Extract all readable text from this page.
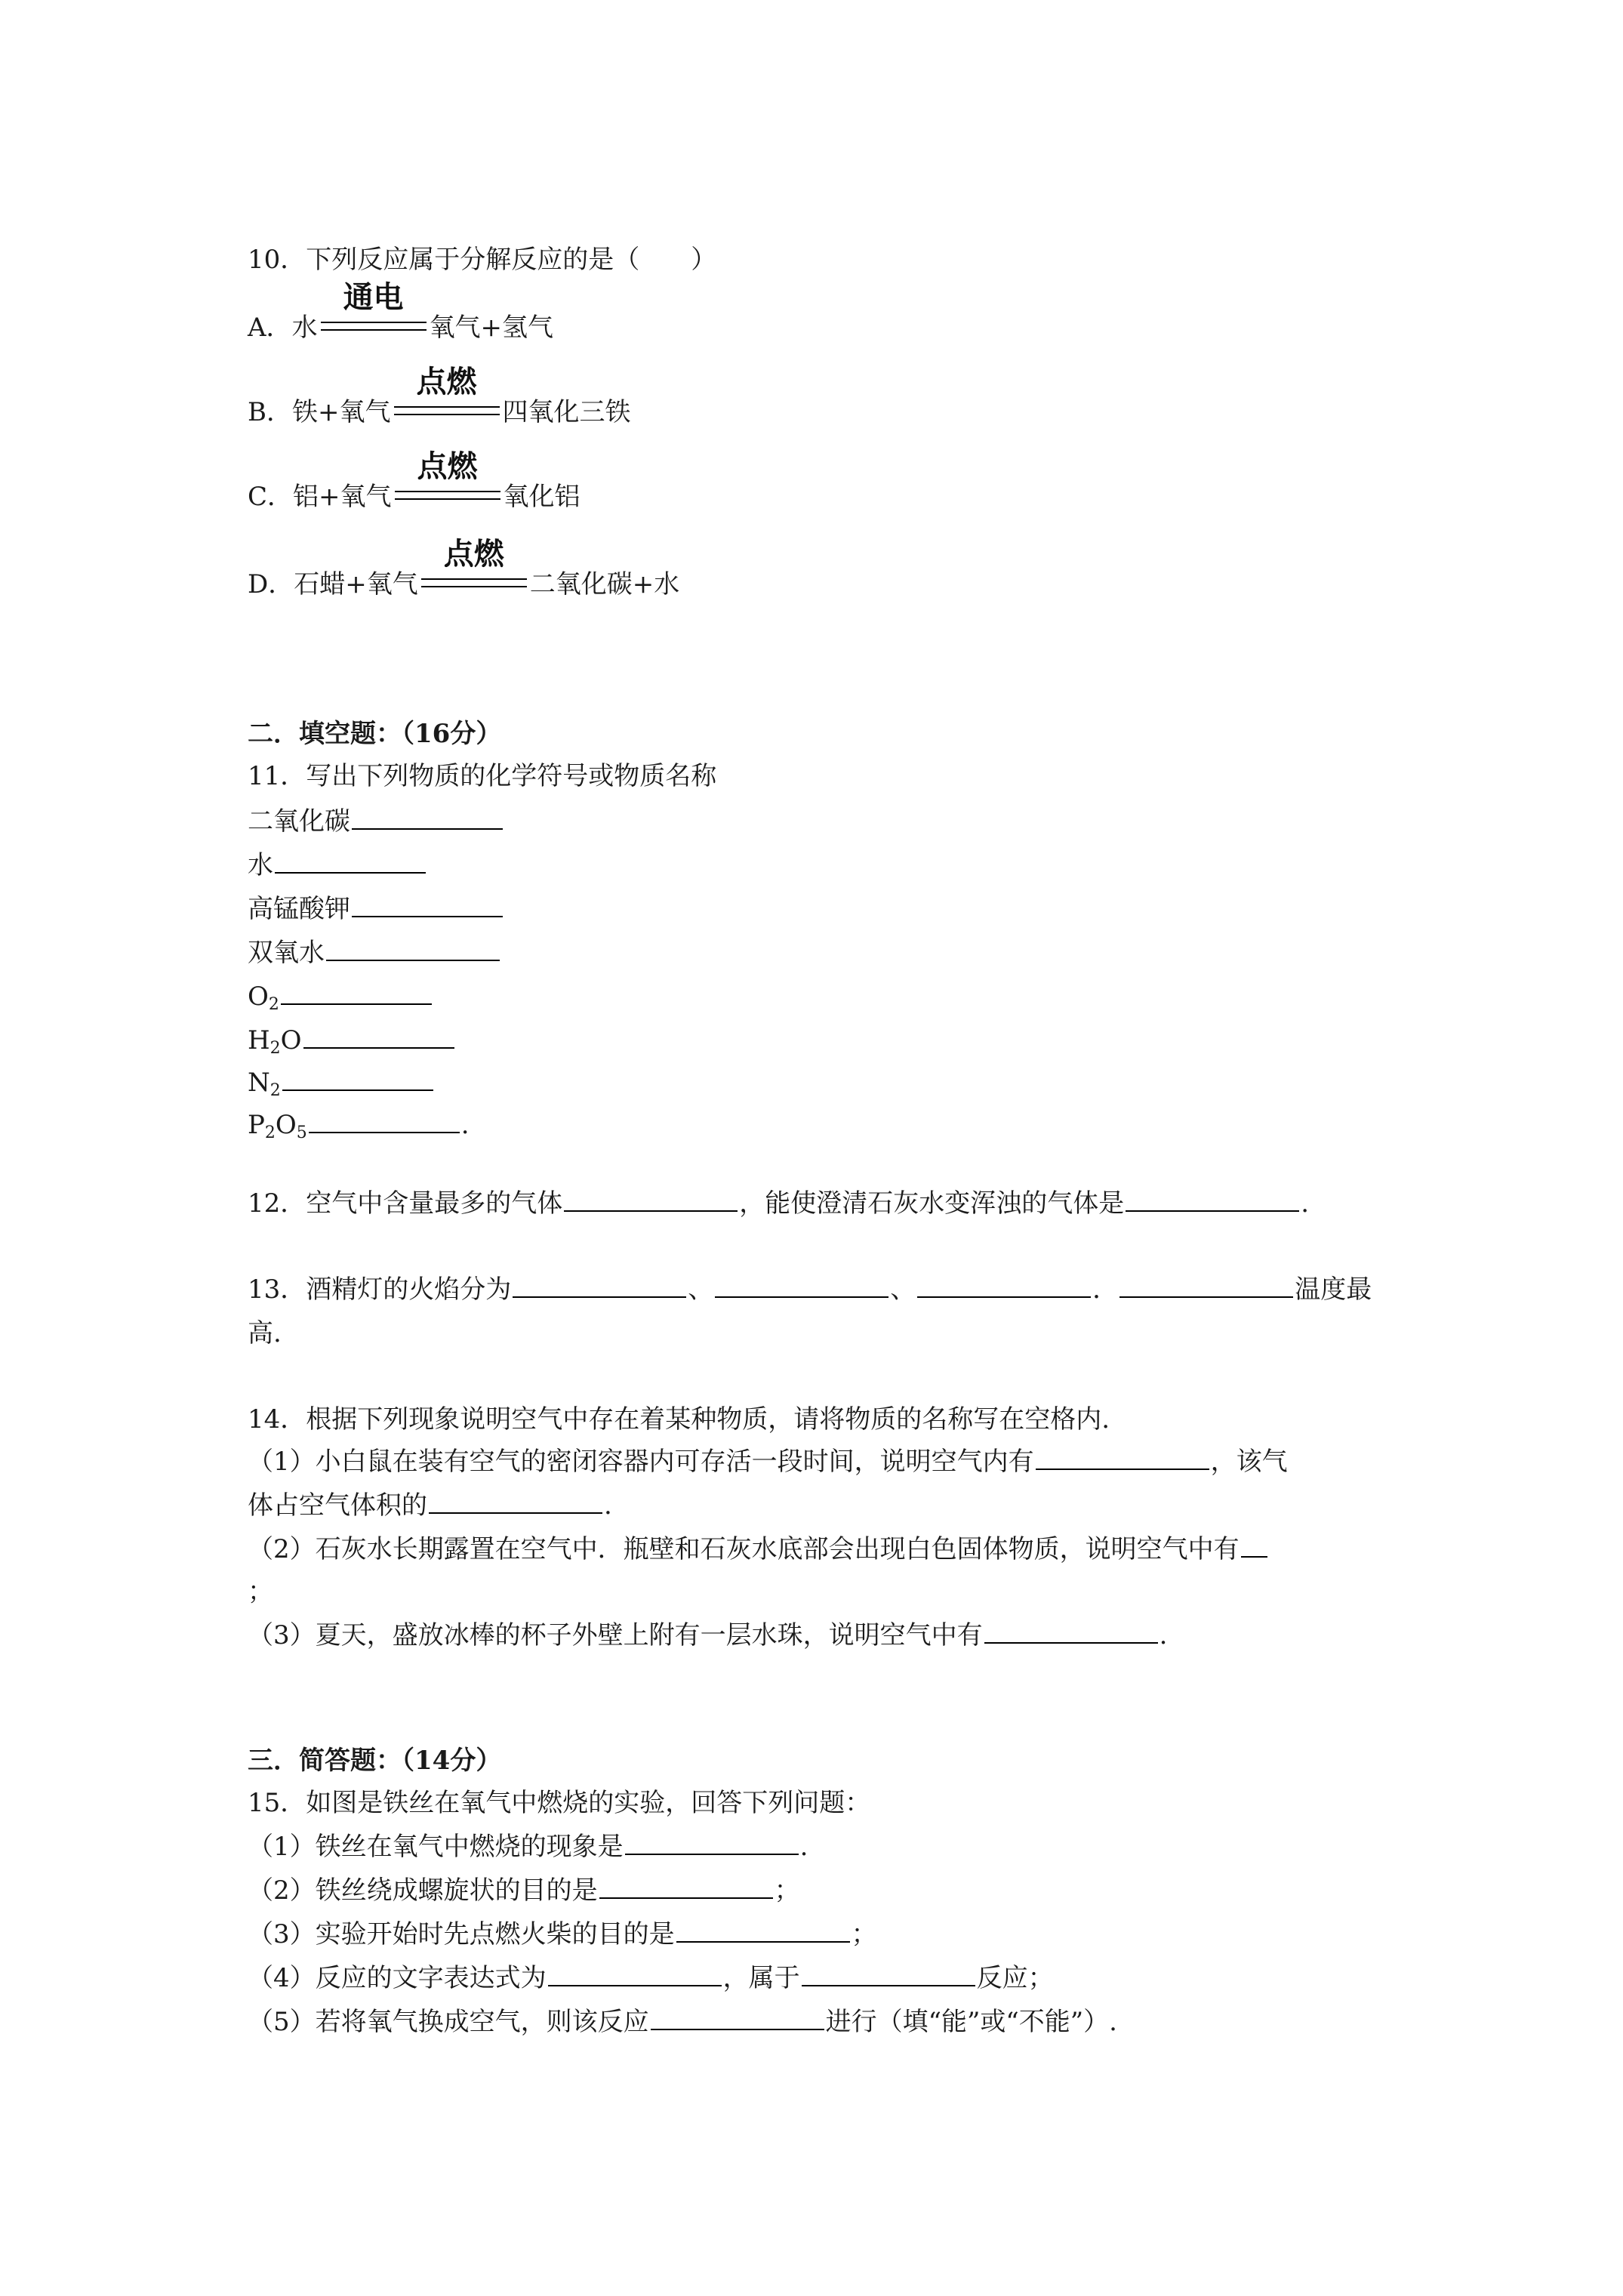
10．下列反应属于分解反应的是（　　）
A．水
通电
氧气+氢气
B．铁+氧气
点燃
四氧化三铁
C．铝+氧气
点燃
氧化铝
D．石蜡+氧气
点燃
二氧化碳+水
二．填空题：（16分）
11．写出下列物质的化学符号或物质名称
二氧化碳
水
高锰酸钾
双氧水
$O_2$
$H_2O$
$N_2$
$P_2O_5$	.
12．空气中含量最多的气体	，能使澄清石灰水变浑浊的气体是	.
13．酒精灯的火焰分为	、	、	．	温度最
高.
14．根据下列现象说明空气中存在着某种物质，请将物质的名称写在空格内.
（1）小白鼠在装有空气的密闭容器内可存活一段时间，说明空气内有	，该气
体占空气体积的	.
（2）石灰水长期露置在空气中．瓶壁和石灰水底部会出现白色固体物质，说明空气中有
；
（3）夏天，盛放冰棒的杯子外壁上附有一层水珠，说明空气中有	.
三．简答题：（14分）
15．如图是铁丝在氧气中燃烧的实验，回答下列问题：
（1）铁丝在氧气中燃烧的现象是	.
（2）铁丝绕成螺旋状的目的是	；
（3）实验开始时先点燃火柴的目的是	；
（4）反应的文字表达式为	，属于	反应；
（5）若将氧气换成空气，则该反应	进行（填“能”或“不能”）.
